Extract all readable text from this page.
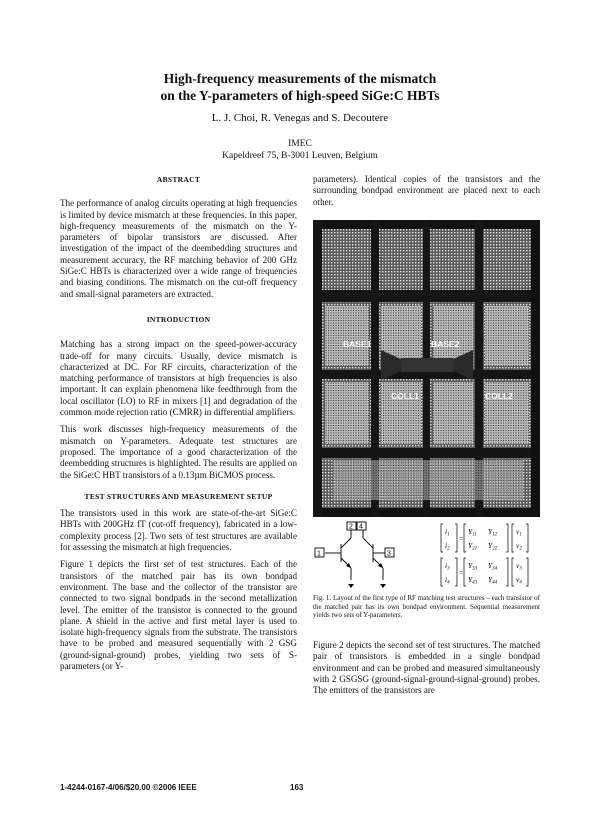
High-frequency measurements of the mismatch
on the Y-parameters of high-speed SiGe:C HBTs
L. J. Choi, R. Venegas and S. Decoutere
IMEC
Kapeldreef 75, B-3001 Leuven, Belgium

ABSTRACT

The performance of analog circuits operating at high frequencies is limited by device mismatch at these frequencies. In this paper, high-frequency measurements of the mismatch on the Y-parameters of bipolar transistors are discussed. After investigation of the impact of the deembedding structures and measurement accuracy, the RF matching behavior of 200 GHz SiGe:C HBTs is characterized over a wide range of frequencies and biasing conditions. The mismatch on the cut-off frequency and small-signal parameters are extracted.

INTRODUCTION

Matching has a strong impact on the speed-power-accuracy trade-off for many circuits. Usually, device mismatch is characterized at DC. For RF circuits, characterization of the matching performance of transistors at high frequencies is also important. It can explain phenomena like feedthrough from the local oscillator (LO) to RF in mixers [1] and degradation of the common mode rejection ratio (CMRR) in differential amplifiers.

This work discusses high-frequency measurements of the mismatch on Y-parameters. Adequate test structures are proposed. The importance of a good characterization of the deembedding structures is highlighted. The results are applied on the SiGe:C HBT transistors of a 0.13µm BiCMOS process.

TEST STRUCTURES AND MEASUREMENT SETUP

The transistors used in this work are state-of-the-art SiGe:C HBTs with 200GHz fT (cut-off frequency), fabricated in a low-complexity process [2]. Two sets of test structures are available for assessing the mismatch at high frequencies.

Figure 1 depicts the first set of test structures. Each of the transistors of the matched pair has its own bondpad environment. The base and the collector of the transistor are connected to two signal bondpads in the second metallization level. The emitter of the transistor is connected to the ground plane. A shield in the active and first metal layer is used to isolate high-frequency signals from the substrate. The transistors have to be probed and measured sequentially with 2 GSG (ground-signal-ground) probes, yielding two sets of S-parameters (or Y-

parameters). Identical copies of the transistors and the surrounding bondpad environment are placed next to each other.

BASE1	BASE2
COLL1	COLL2
1
2
3
4	$i_1$
$i_2$
=
$Y_{11}$ $Y_{12}$
$Y_{21}$ $Y_{22}$
$v_1$
$v_2$
$i_3$
$i_4$
=
$Y_{33}$ $Y_{34}$
$Y_{43}$ $Y_{44}$
$v_3$
$v_4$
Fig. 1. Layout of the first type of RF matching test structures – each transistor of the matched pair has its own bondpad environment. Sequential measurement yields two sets of Y-parameters.

Figure 2 depicts the second set of test structures. The matched pair of transistors is embedded in a single bondpad environment and can be probed and measured simultaneously with 2 GSGSG (ground-signal-ground-signal-ground) probes. The emitters of the transistors are

1-4244-0167-4/06/$20.00 ©2006 IEEE	163
